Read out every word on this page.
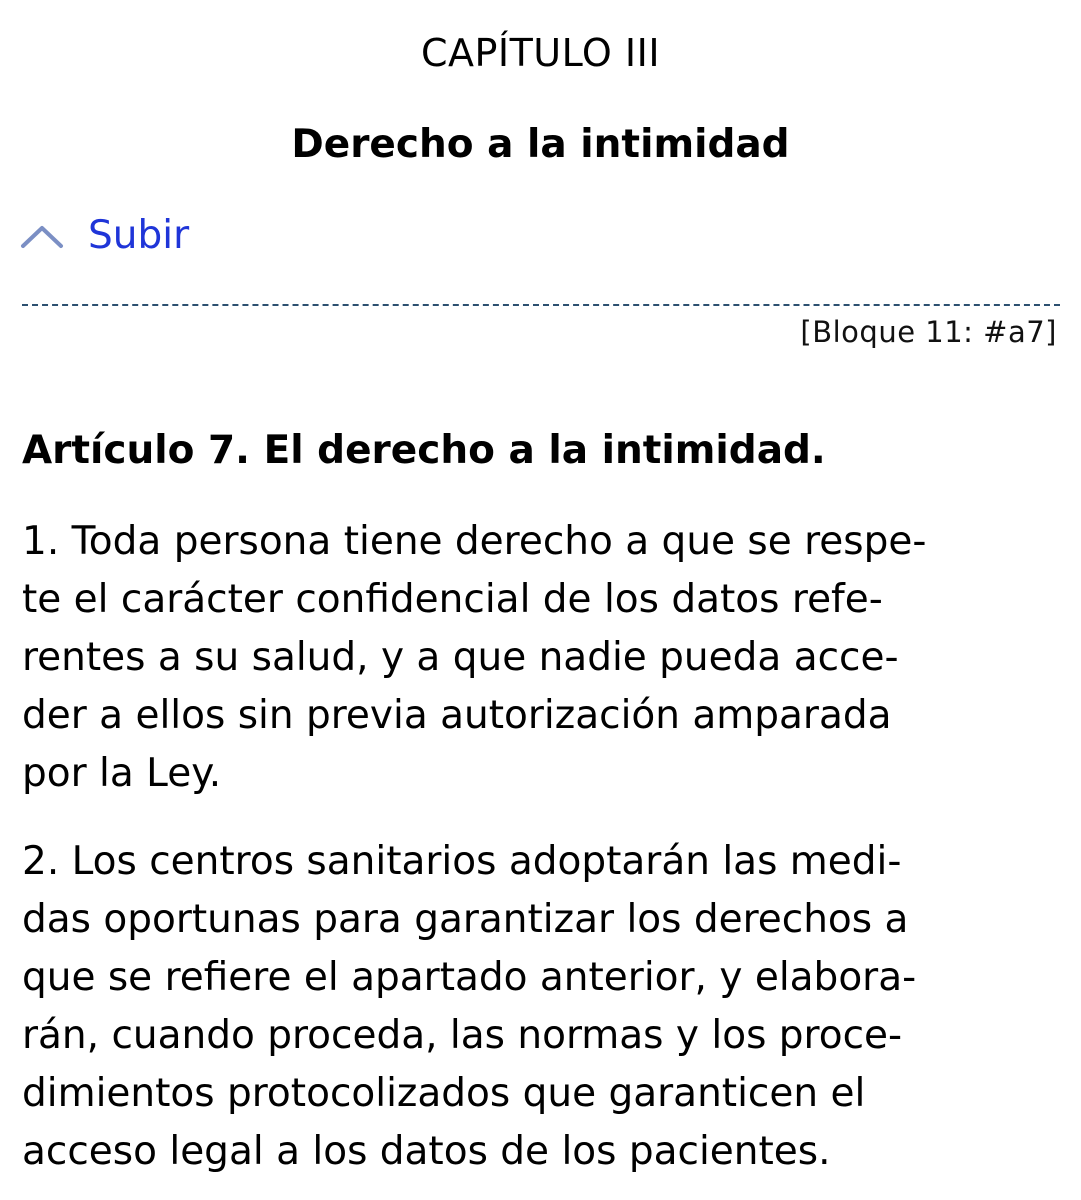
CAPÍTULO III
Derecho a la intimidad
Subir
[Bloque 11: #a7]
Artículo 7. El derecho a la intimidad.

1. Toda persona tiene derecho a que se respe-
te el carácter confidencial de los datos refe-
rentes a su salud, y a que nadie pueda acce-
der a ellos sin previa autorización amparada
por la Ley.

2. Los centros sanitarios adoptarán las medi-
das oportunas para garantizar los derechos a
que se refiere el apartado anterior, y elabora-
rán, cuando proceda, las normas y los proce-
dimientos protocolizados que garanticen el
acceso legal a los datos de los pacientes.
